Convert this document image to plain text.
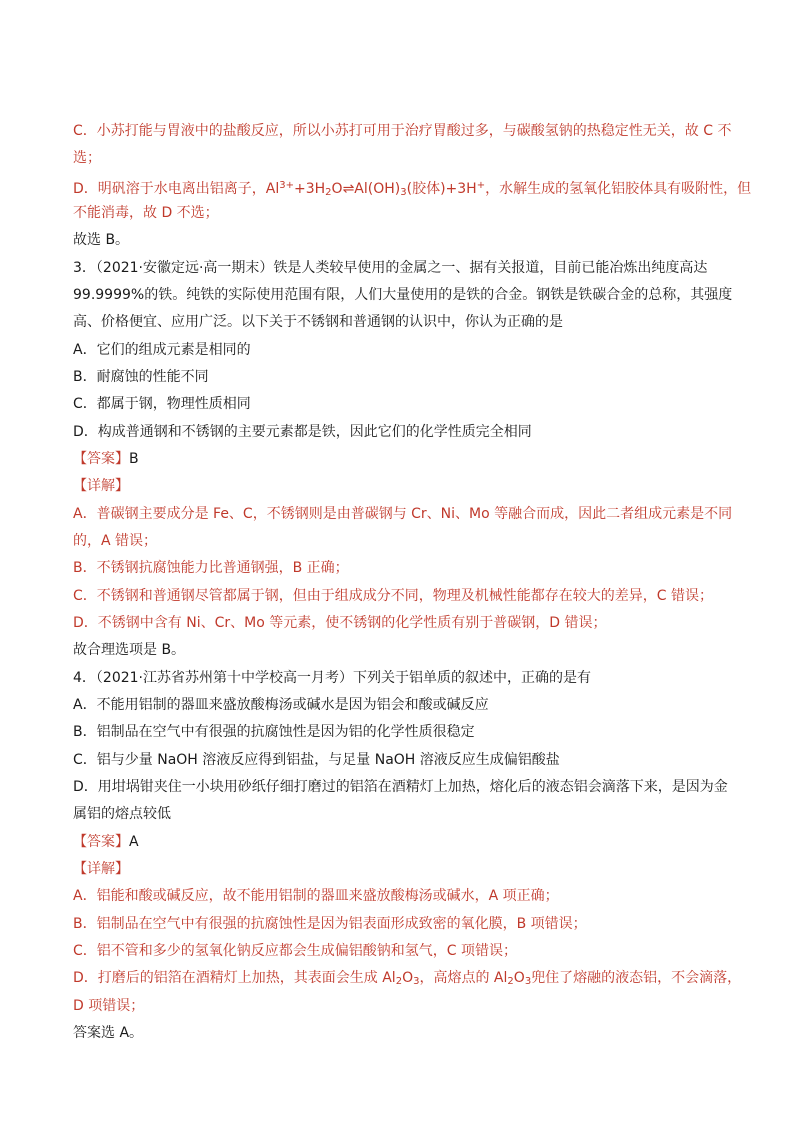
C．小苏打能与胃液中的盐酸反应，所以小苏打可用于治疗胃酸过多，与碳酸氢钠的热稳定性无关，故 C 不
选；
D．明矾溶于水电离出铝离子，$Al^{3+}+3H_2O\rightleftharpoons Al(OH)_3$(胶体)+3H+，水解生成的氢氧化铝胶体具有吸附性，但
不能消毒，故 D 不选；
故选 B。
3．（2021·安徽定远·高一期末）铁是人类较早使用的金属之一、据有关报道，目前已能冶炼出纯度高达
99.9999%的铁。纯铁的实际使用范围有限，人们大量使用的是铁的合金。钢铁是铁碳合金的总称，其强度
高、价格便宜、应用广泛。以下关于不锈钢和普通钢的认识中，你认为正确的是
A．它们的组成元素是相同的
B．耐腐蚀的性能不同
C．都属于钢，物理性质相同
D．构成普通钢和不锈钢的主要元素都是铁，因此它们的化学性质完全相同
【答案】B
【详解】
A．普碳钢主要成分是 Fe、C，不锈钢则是由普碳钢与 Cr、Ni、Mo 等融合而成，因此二者组成元素是不同
的，A 错误；
B．不锈钢抗腐蚀能力比普通钢强，B 正确；
C．不锈钢和普通钢尽管都属于钢，但由于组成成分不同，物理及机械性能都存在较大的差异，C 错误；
D．不锈钢中含有 Ni、Cr、Mo 等元素，使不锈钢的化学性质有别于普碳钢，D 错误；
故合理选项是 B。
4．（2021·江苏省苏州第十中学校高一月考）下列关于铝单质的叙述中，正确的是有
A．不能用铝制的器皿来盛放酸梅汤或碱水是因为铝会和酸或碱反应
B．铝制品在空气中有很强的抗腐蚀性是因为铝的化学性质很稳定
C．铝与少量 NaOH 溶液反应得到铝盐，与足量 NaOH 溶液反应生成偏铝酸盐
D．用坩埚钳夹住一小块用砂纸仔细打磨过的铝箔在酒精灯上加热，熔化后的液态铝会滴落下来，是因为金
属铝的熔点较低
【答案】A
【详解】
A．铝能和酸或碱反应，故不能用铝制的器皿来盛放酸梅汤或碱水，A 项正确；
B．铝制品在空气中有很强的抗腐蚀性是因为铝表面形成致密的氧化膜，B 项错误；
C．铝不管和多少的氢氧化钠反应都会生成偏铝酸钠和氢气，C 项错误；
D．打磨后的铝箔在酒精灯上加热，其表面会生成 $Al_2O_3$，高熔点的 $Al_2O_3$兜住了熔融的液态铝，不会滴落，
D 项错误；
答案选 A。
